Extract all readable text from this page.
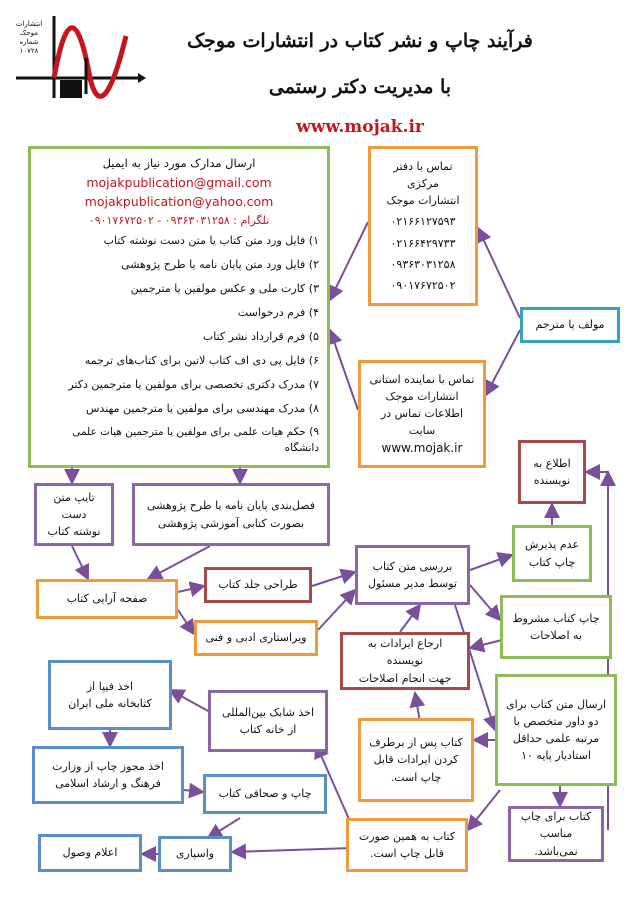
انتشارات
موجک
شماره
۱۰۷۲۸	فرآیند چاپ و نشر کتاب در انتشارات موجک
با مدیریت دکتر رستمی
www.mojak.ir
ارسال مدارک مورد نیاز به ایمیل
mojakpublication@gmail.com
mojakpublication@yahoo.com
تلگرام : ۰۹۳۶۳۰۳۱۲۵۸ - ۰۹۰۱۷۶۷۲۵۰۲
۱) فایل ورد متن کتاب یا متن دست نوشته کتاب
۲) فایل ورد متن پایان نامه یا طرح پژوهشی
۳) کارت ملی و عکس مولفین یا مترجمین
۴) فرم درخواست
۵) فرم قرارداد نشر کتاب
۶) فایل پی دی اف کتاب لاتین برای کتاب‌های ترجمه
۷) مدرک دکتری تخصصی برای مولفین یا مترجمین دکتر
۸) مدرک مهندسی برای مولفین یا مترجمین مهندس
۹) حکم هیات علمی برای مولفین یا مترجمین هیات علمی دانشگاه
تماس با دفتر مرکزی
انتشارات موجک
۰۲۱۶۶۱۲۷۵۹۳
۰۲۱۶۶۴۲۹۷۳۳
۰۹۳۶۳۰۳۱۲۵۸
۰۹۰۱۷۶۷۲۵۰۲
مولف یا مترجم
تماس با نماینده استانی
انتشارات موجک
اطلاعات تماس در سایت
www.mojak.ir
تایپ متن دست
نوشته کتاب
فصل‌بندی پایان نامه یا طرح پژوهشی
بصورت کتابی آموزشی پژوهشی
صفحه آرایی کتاب
طراحی جلد کتاب
ویراستاری ادبی و فنی
بررسی متن کتاب
توسط مدیر مسئول
اطلاع به
نویسنده
عدم پذیرش
چاپ کتاب
چاپ کتاب مشروط
به اصلاحات
ارجاع ایرادات به نویسنده
جهت انجام اصلاحات
ارسال متن کتاب برای
دو داور متخصص با
مرتبه علمی حداقل
استادیار پایه ۱۰
کتاب پس از برطرف
کردن ایرادات قابل
چاپ است.
کتاب برای چاپ
مناسب نمی‌باشد.
کتاب به همین صورت
قابل چاپ است.
اخذ شابک بین‌المللی
از خانه کتاب
اخذ فیپا از
کتابخانه ملی ایران
اخذ مجوز چاپ از وزارت
فرهنگ و ارشاد اسلامی
چاپ و صحافی کتاب
واسپاری
اعلام وصول
